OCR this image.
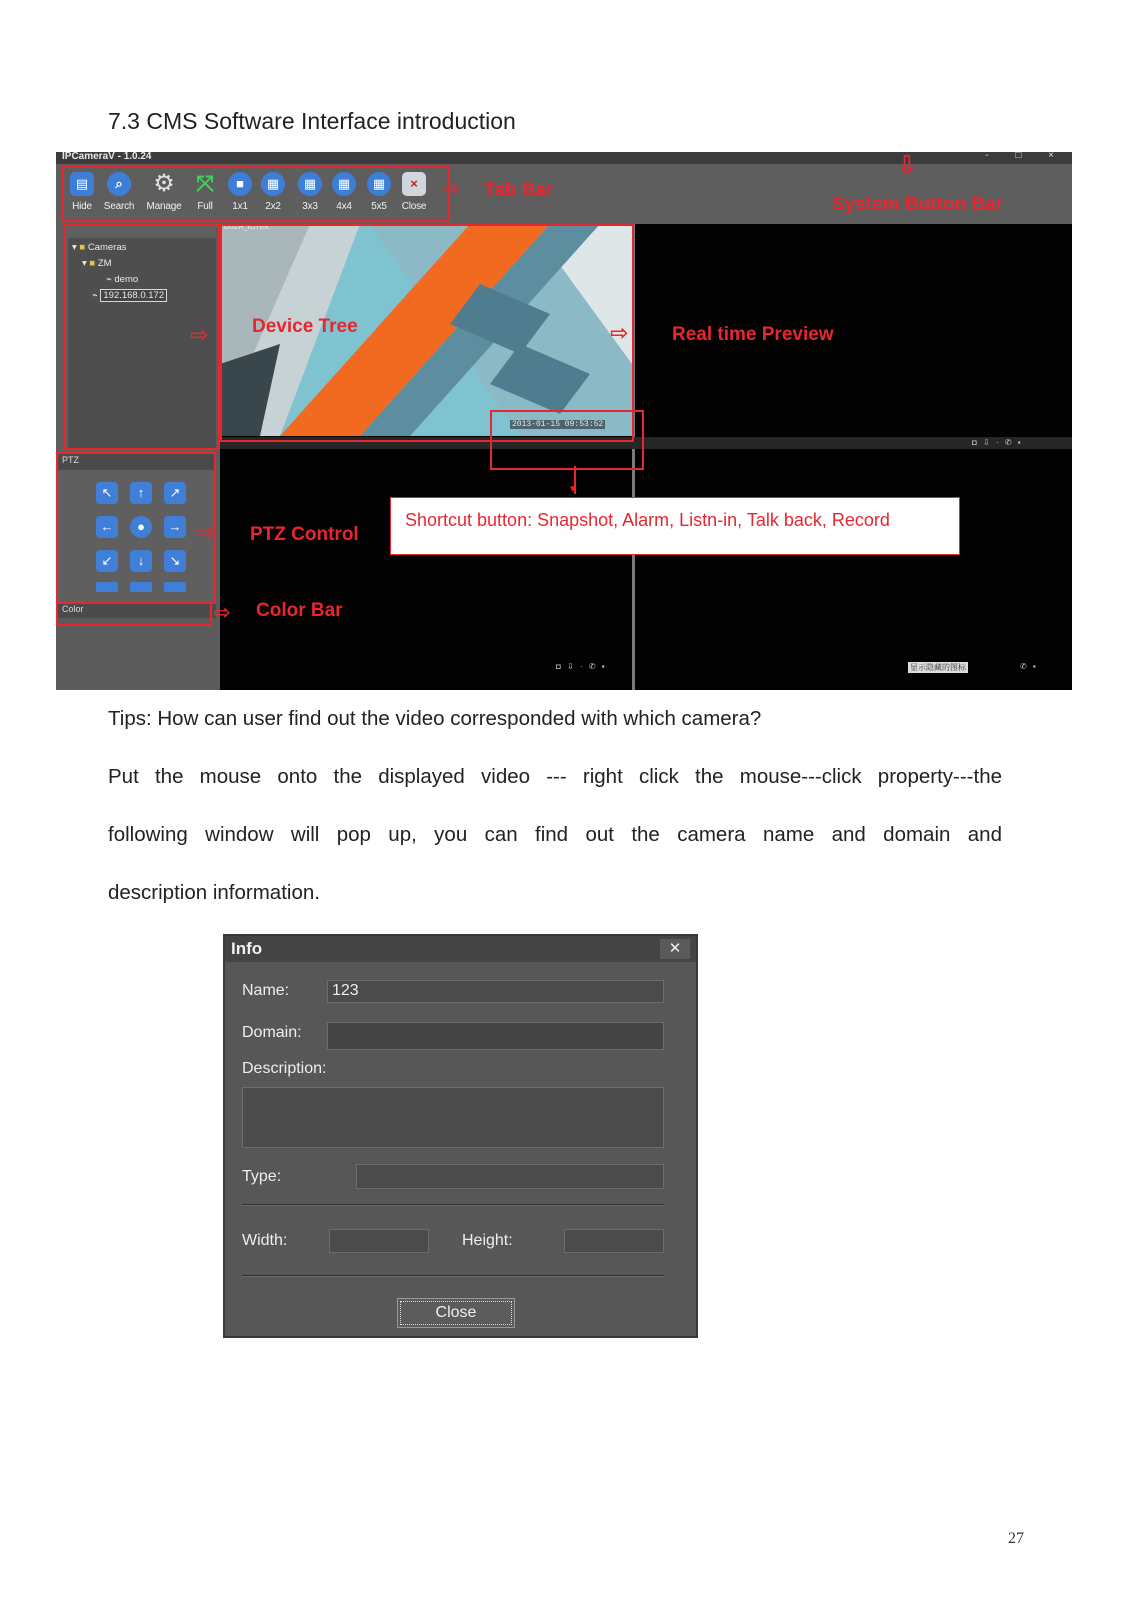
7.3 CMS Software Interface introduction
IPCameraV - 1.0.24	- □ ×
▤
Hide
⌕
Search
⚙
Manage
⤧
Full
■
1x1
▦
2x2
▦
3x3
▦
4x4
▦
5x5
×
Close
▾ ■ Cameras
▾ ■ ZM
⌁ demo
⌁ 192.168.0.172
PTZ
↖	↑	↗
←	●	→
↙	↓	↘
Color
◘ ⇩ · ✆ ▪
◘ ⇩ · ✆ ▪	显示隐藏的图标	✆ ▪
DUZH_KJTEK
2013-01-15 09:53:52
⇨ Tab Bar
⇩
System Button Bar
⇨ Device Tree	⇨ Real time Preview
⇨ PTZ Control
⇨ Color Bar
▼
Shortcut button: Snapshot, Alarm, Listn-in, Talk back, Record
Tips: How can user find out the video corresponded with which camera?
Put the mouse onto the displayed video --- right click the mouse---click property---the
following window will pop up, you can find out the camera name and domain and
description information.
Info	✕
Name:	123
Domain:
Description:
Type:
Width:	Height:
Close
27
